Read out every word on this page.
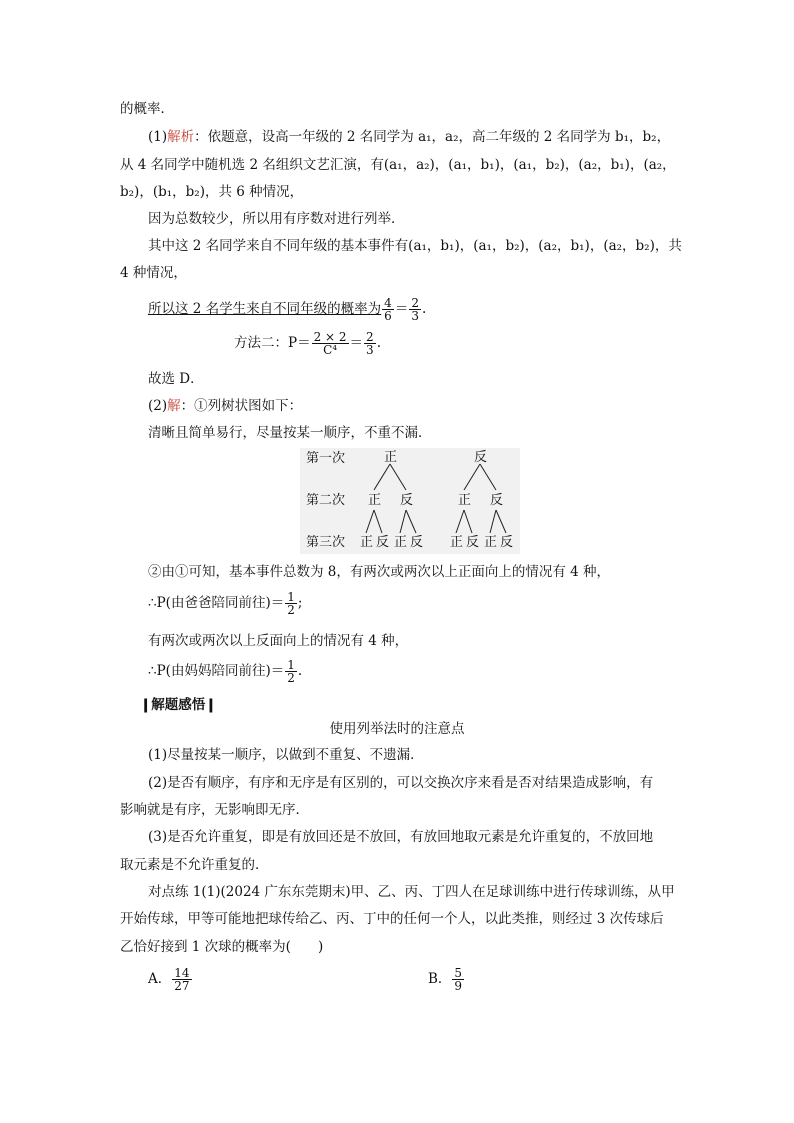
的概率．
(1)解析：依题意，设高一年级的 2 名同学为 a₁，a₂，高二年级的 2 名同学为 b₁，b₂，
从 4 名同学中随机选 2 名组织文艺汇演，有(a₁，a₂)，(a₁，b₁)，(a₁，b₂)，(a₂，b₁)，(a₂，
b₂)，(b₁，b₂)，共 6 种情况，
因为总数较少，所以用有序数对进行列举．
其中这 2 名同学来自不同年级的基本事件有(a₁，b₁)，(a₁，b₂)，(a₂，b₁)，(a₂，b₂)，共
4 种情况，
所以这 2 名学生来自不同年级的概率为 $\frac{4}{6} = \frac{2}{3}$ .
方法二：$P= \frac{2 \times 2}{\text{C⁴}} = \frac{2}{3}$ .
故选 D．
(2)解：①列树状图如下：
清晰且简单易行，尽量按某一顺序，不重不漏．
第一次
第二次
第三次
正	反
正 反	正 反
正 反 正 反 正 反 正 反
②由①可知，基本事件总数为 8，有两次或两次以上正面向上的情况有 4 种，
∴P(由爸爸陪同前往)＝ $\frac{1}{2}$ ;
有两次或两次以上反面向上的情况有 4 种，
∴P(由妈妈陪同前往)＝ $\frac{1}{2}$ .
❙解题感悟❙
使用列举法时的注意点
(1)尽量按某一顺序，以做到不重复、不遗漏．
(2)是否有顺序，有序和无序是有区别的，可以交换次序来看是否对结果造成影响，有
影响就是有序，无影响即无序．
(3)是否允许重复，即是有放回还是不放回，有放回地取元素是允许重复的，不放回地
取元素是不允许重复的．
对点练 1(1)(2024 广东东莞期末)甲、乙、丙、丁四人在足球训练中进行传球训练，从甲
开始传球，甲等可能地把球传给乙、丙、丁中的任何一个人，以此类推，则经过 3 次传球后
乙恰好接到 1 次球的概率为(　　)
A． $\frac{14}{27}$	B． $\frac{5}{9}$
